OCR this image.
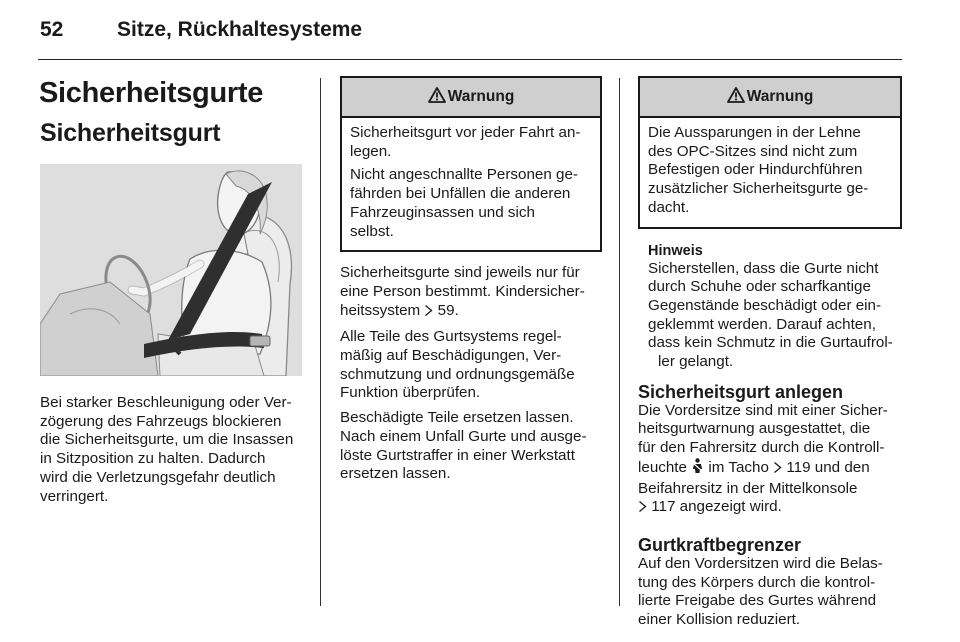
52	Sitze, Rückhaltesysteme
Sicherheitsgurte
Sicherheitsgurt
Bei starker Beschleunigung oder Ver-
zögerung des Fahrzeugs blockieren
die Sicherheitsgurte, um die Insassen
in Sitzposition zu halten. Dadurch
wird die Verletzungsgefahr deutlich
verringert.
Warnung

Sicherheitsgurt vor jeder Fahrt an-
legen.

Nicht angeschnallte Personen ge-
fährden bei Unfällen die anderen
Fahrzeuginsassen und sich
selbst.

Sicherheitsgurte sind jeweils nur für
eine Person bestimmt. Kindersicher-
heitssystem  59.

Alle Teile des Gurtsystems regel-
mäßig auf Beschädigungen, Ver-
schmutzung und ordnungsgemäße
Funktion überprüfen.

Beschädigte Teile ersetzen lassen.
Nach einem Unfall Gurte und ausge-
löste Gurtstraffer in einer Werkstatt
ersetzen lassen.

Warnung

Die Aussparungen in der Lehne
des OPC-Sitzes sind nicht zum
Befestigen oder Hindurchführen
zusätzlicher Sicherheitsgurte ge-
dacht.

Hinweis

Sicherstellen, dass die Gurte nicht
durch Schuhe oder scharfkantige
Gegenstände beschädigt oder ein-
geklemmt werden. Darauf achten,
dass kein Schmutz in die Gurtaufrol-
ler gelangt.

Sicherheitsgurt anlegen

Die Vordersitze sind mit einer Sicher-
heitsgurtwarnung ausgestattet, die
für den Fahrersitz durch die Kontroll-
leuchte  im Tacho  119 und den
Beifahrersitz in der Mittelkonsole
117 angezeigt wird.

Gurtkraftbegrenzer

Auf den Vordersitzen wird die Belas-
tung des Körpers durch die kontrol-
lierte Freigabe des Gurtes während
einer Kollision reduziert.
